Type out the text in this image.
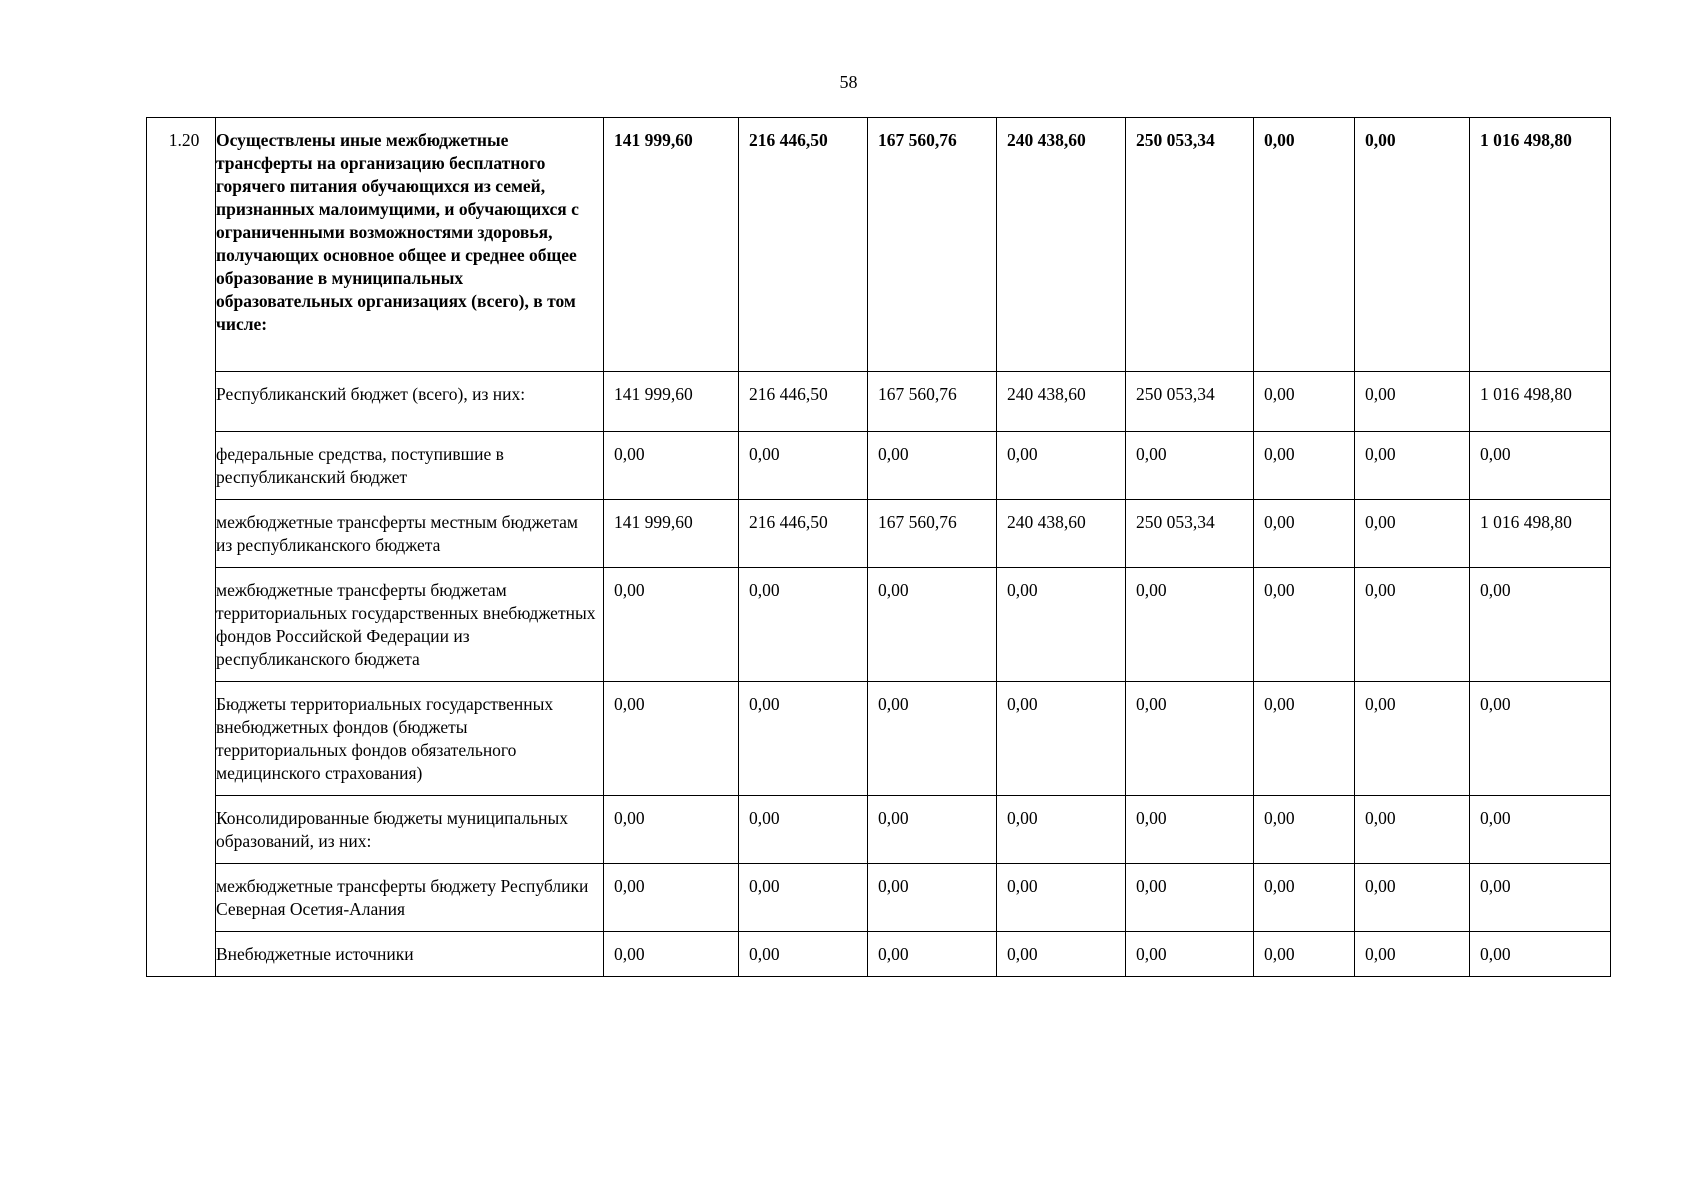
58
1.20	Осуществлены иные межбюджетные трансферты на организацию бесплатного горячего питания обучающихся из семей, признанных малоимущими, и обучающихся с ограниченными возможностями здоровья, получающих основное общее и среднее общее образование в муниципальных образовательных организациях (всего), в том числе:	141 999,60	216 446,50	167 560,76	240 438,60	250 053,34	0,00	0,00	1 016 498,80
	Республиканский бюджет (всего), из них:	141 999,60	216 446,50	167 560,76	240 438,60	250 053,34	0,00	0,00	1 016 498,80
	федеральные средства, поступившие в республиканский бюджет	0,00	0,00	0,00	0,00	0,00	0,00	0,00	0,00
	межбюджетные трансферты местным бюджетам из республиканского бюджета	141 999,60	216 446,50	167 560,76	240 438,60	250 053,34	0,00	0,00	1 016 498,80
	межбюджетные трансферты бюджетам территориальных государственных внебюджетных фондов Российской Федерации из республиканского бюджета	0,00	0,00	0,00	0,00	0,00	0,00	0,00	0,00
	Бюджеты территориальных государственных внебюджетных фондов (бюджеты территориальных фондов обязательного медицинского страхования)	0,00	0,00	0,00	0,00	0,00	0,00	0,00	0,00
	Консолидированные бюджеты муниципальных образований, из них:	0,00	0,00	0,00	0,00	0,00	0,00	0,00	0,00
	межбюджетные трансферты бюджету Республики Северная Осетия-Алания	0,00	0,00	0,00	0,00	0,00	0,00	0,00	0,00
	Внебюджетные источники	0,00	0,00	0,00	0,00	0,00	0,00	0,00	0,00
